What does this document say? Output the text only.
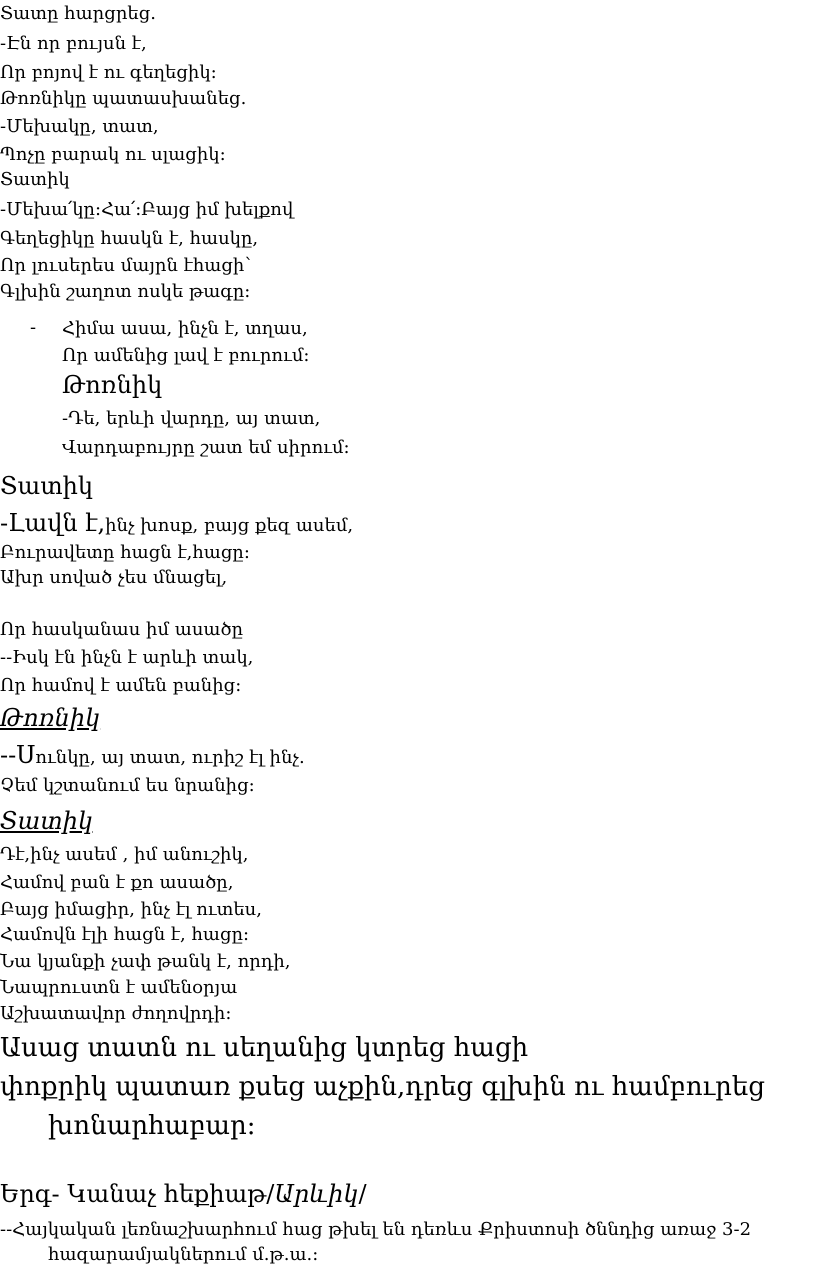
Տատը հարցրեց.

-Էն որ բույսն է,

Որ բոյով է ու գեղեցիկ:

Թոռնիկը պատասխանեց.

-Մեխակը, տատ,

Պոչը բարակ ու սլացիկ:

Տատիկ

-Մեխա՛կը:Հա՛:Բայց իմ խելքով

Գեղեցիկը հասկն է, հասկը,

Որ լուսերես մայրն էհացի՝

Գլխին շաղոտ ոսկե թագը:

- Հիմա ասա, ինչն է, տղաս,

Որ ամենից լավ է բուրում:

Թոռնիկ

-Դե, երևի վարդը, այ տատ,

Վարդաբույրը շատ եմ սիրում:

Տատիկ

-Լավն է,ինչ խոսք, բայց քեզ ասեմ,

Բուրավետը հացն է,հացը:

Ախր սոված չես մնացել,

Որ հասկանաս իմ ասածը

--Իսկ էն ինչն է արևի տակ,

Որ համով է ամեն բանից:

Թոռնիկ

--Սունկը, այ տատ, ուրիշ էլ ինչ.

Չեմ կշտանում ես նրանից:

Տատիկ

Դէ,ինչ ասեմ , իմ անուշիկ,

Համով բան է քո ասածը,

Բայց իմացիր, ինչ էլ ուտես,

Համովն էլի հացն է, հացը:

Նա կյանքի չափ թանկ է, որդի,

Նապրուստն է ամենօրյա

Աշխատավոր ժողովրդի:

Ասաց տատն ու սեղանից կտրեց հացի

փոքրիկ պատառ քսեց աչքին,դրեց գլխին ու համբուրեց

խոնարհաբար:

Երգ- Կանաչ հեքիաթ/Արևիկ/

--Հայկական լեռնաշխարհում հաց թխել են դեռևս Քրիստոսի ծննդից առաջ 3-2

հազարամյակներում մ.թ.ա.:
